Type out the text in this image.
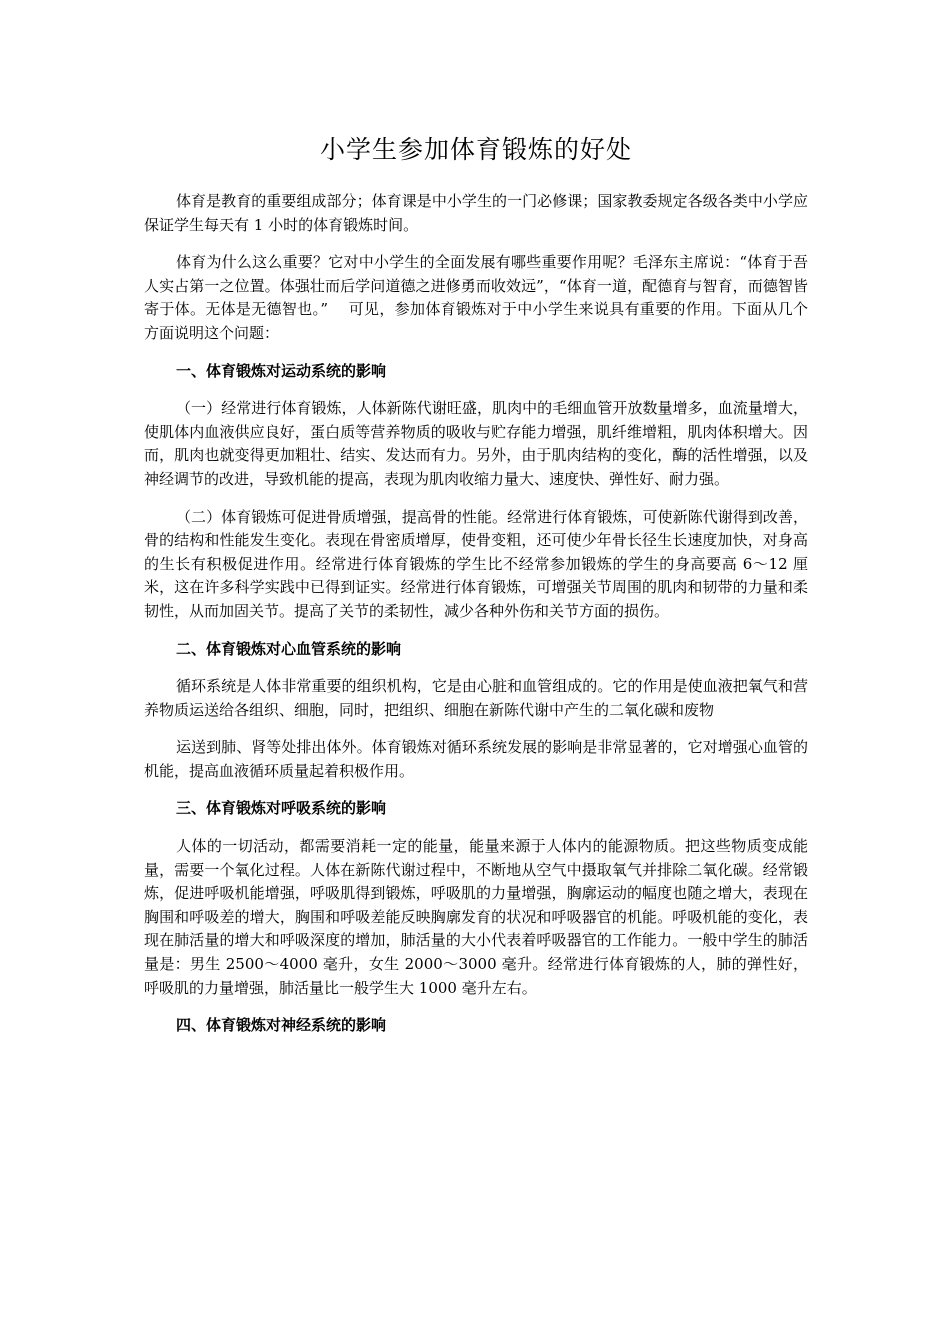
小学生参加体育锻炼的好处

体育是教育的重要组成部分；体育课是中小学生的一门必修课；国家教委规定各级各类中小学应保证学生每天有 1 小时的体育锻炼时间。

体育为什么这么重要？它对中小学生的全面发展有哪些重要作用呢？毛泽东主席说：“体育于吾人实占第一之位置。体强壮而后学问道德之进修勇而收效远”，“体育一道，配德育与智育，而德智皆寄于体。无体是无德智也。”　 可见，参加体育锻炼对于中小学生来说具有重要的作用。下面从几个方面说明这个问题：

一、体育锻炼对运动系统的影响

（一）经常进行体育锻炼，人体新陈代谢旺盛，肌肉中的毛细血管开放数量增多，血流量增大，使肌体内血液供应良好，蛋白质等营养物质的吸收与贮存能力增强，肌纤维增粗，肌肉体积增大。因而，肌肉也就变得更加粗壮、结实、发达而有力。另外，由于肌肉结构的变化，酶的活性增强，以及神经调节的改进，导致机能的提高，表现为肌肉收缩力量大、速度快、弹性好、耐力强。

（二）体育锻炼可促进骨质增强，提高骨的性能。经常进行体育锻炼，可使新陈代谢得到改善，骨的结构和性能发生变化。表现在骨密质增厚，使骨变粗，还可使少年骨长径生长速度加快，对身高的生长有积极促进作用。经常进行体育锻炼的学生比不经常参加锻炼的学生的身高要高 6～12 厘米，这在许多科学实践中已得到证实。经常进行体育锻炼，可增强关节周围的肌肉和韧带的力量和柔韧性，从而加固关节。提高了关节的柔韧性，减少各种外伤和关节方面的损伤。

二、体育锻炼对心血管系统的影响

循环系统是人体非常重要的组织机构，它是由心脏和血管组成的。它的作用是使血液把氧气和营养物质运送给各组织、细胞，同时，把组织、细胞在新陈代谢中产生的二氧化碳和废物

运送到肺、肾等处排出体外。体育锻炼对循环系统发展的影响是非常显著的，它对增强心血管的机能，提高血液循环质量起着积极作用。

三、体育锻炼对呼吸系统的影响

人体的一切活动，都需要消耗一定的能量，能量来源于人体内的能源物质。把这些物质变成能量，需要一个氧化过程。人体在新陈代谢过程中，不断地从空气中摄取氧气并排除二氧化碳。经常锻炼，促进呼吸机能增强，呼吸肌得到锻炼，呼吸肌的力量增强，胸廓运动的幅度也随之增大，表现在胸围和呼吸差的增大，胸围和呼吸差能反映胸廓发育的状况和呼吸器官的机能。呼吸机能的变化，表现在肺活量的增大和呼吸深度的增加，肺活量的大小代表着呼吸器官的工作能力。一般中学生的肺活量是：男生 2500～4000 毫升，女生 2000～3000 毫升。经常进行体育锻炼的人，肺的弹性好，呼吸肌的力量增强，肺活量比一般学生大 1000 毫升左右。

四、体育锻炼对神经系统的影响
